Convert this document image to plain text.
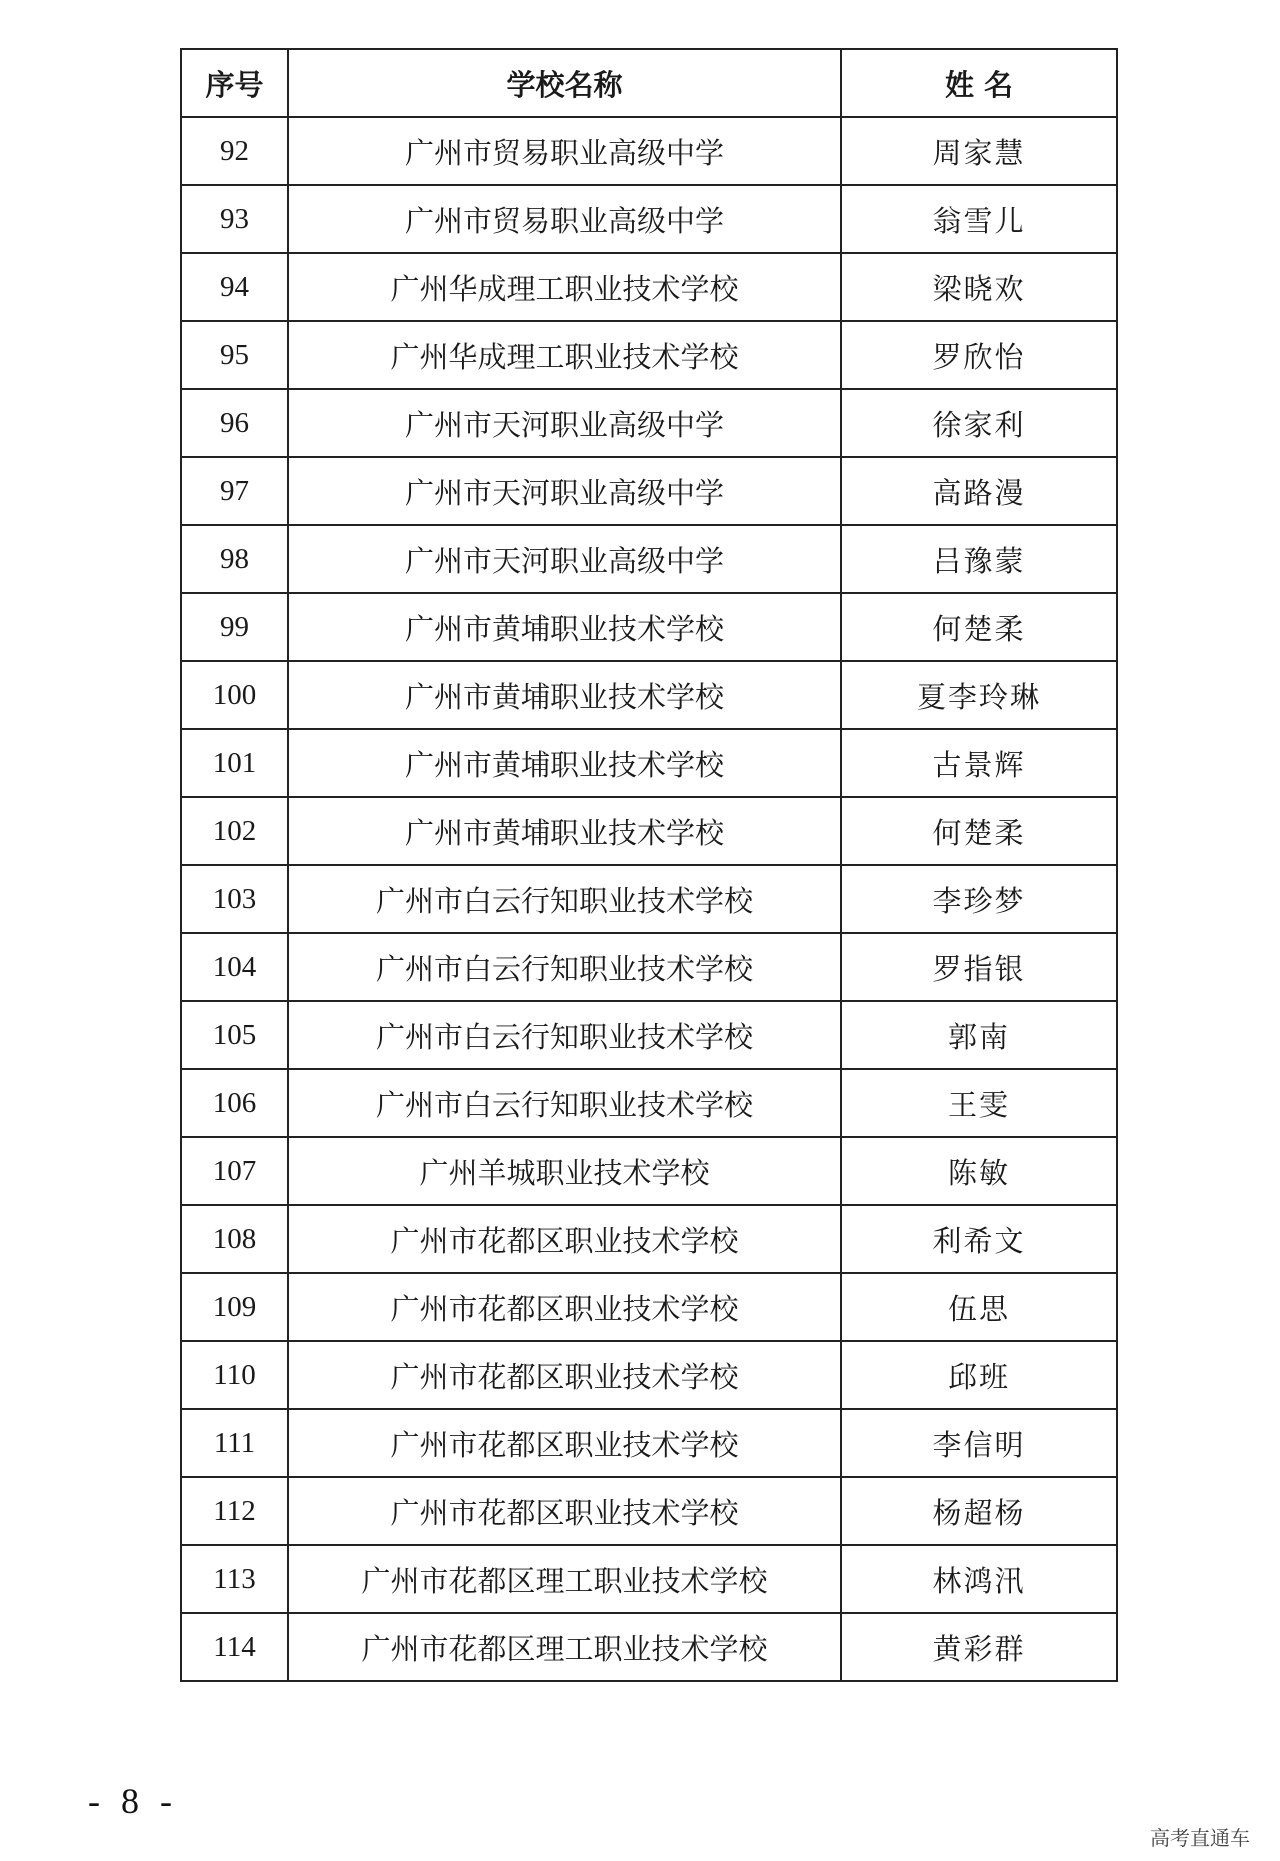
序号	学校名称	姓 名
92	广州市贸易职业高级中学	周家慧
93	广州市贸易职业高级中学	翁雪儿
94	广州华成理工职业技术学校	梁晓欢
95	广州华成理工职业技术学校	罗欣怡
96	广州市天河职业高级中学	徐家利
97	广州市天河职业高级中学	高路漫
98	广州市天河职业高级中学	吕豫蒙
99	广州市黄埔职业技术学校	何楚柔
100	广州市黄埔职业技术学校	夏李玲琳
101	广州市黄埔职业技术学校	古景辉
102	广州市黄埔职业技术学校	何楚柔
103	广州市白云行知职业技术学校	李珍梦
104	广州市白云行知职业技术学校	罗指银
105	广州市白云行知职业技术学校	郭南
106	广州市白云行知职业技术学校	王雯
107	广州羊城职业技术学校	陈敏
108	广州市花都区职业技术学校	利希文
109	广州市花都区职业技术学校	伍思
110	广州市花都区职业技术学校	邱班
111	广州市花都区职业技术学校	李信明
112	广州市花都区职业技术学校	杨超杨
113	广州市花都区理工职业技术学校	林鸿汛
114	广州市花都区理工职业技术学校	黄彩群
- 8 -
高考直通车
